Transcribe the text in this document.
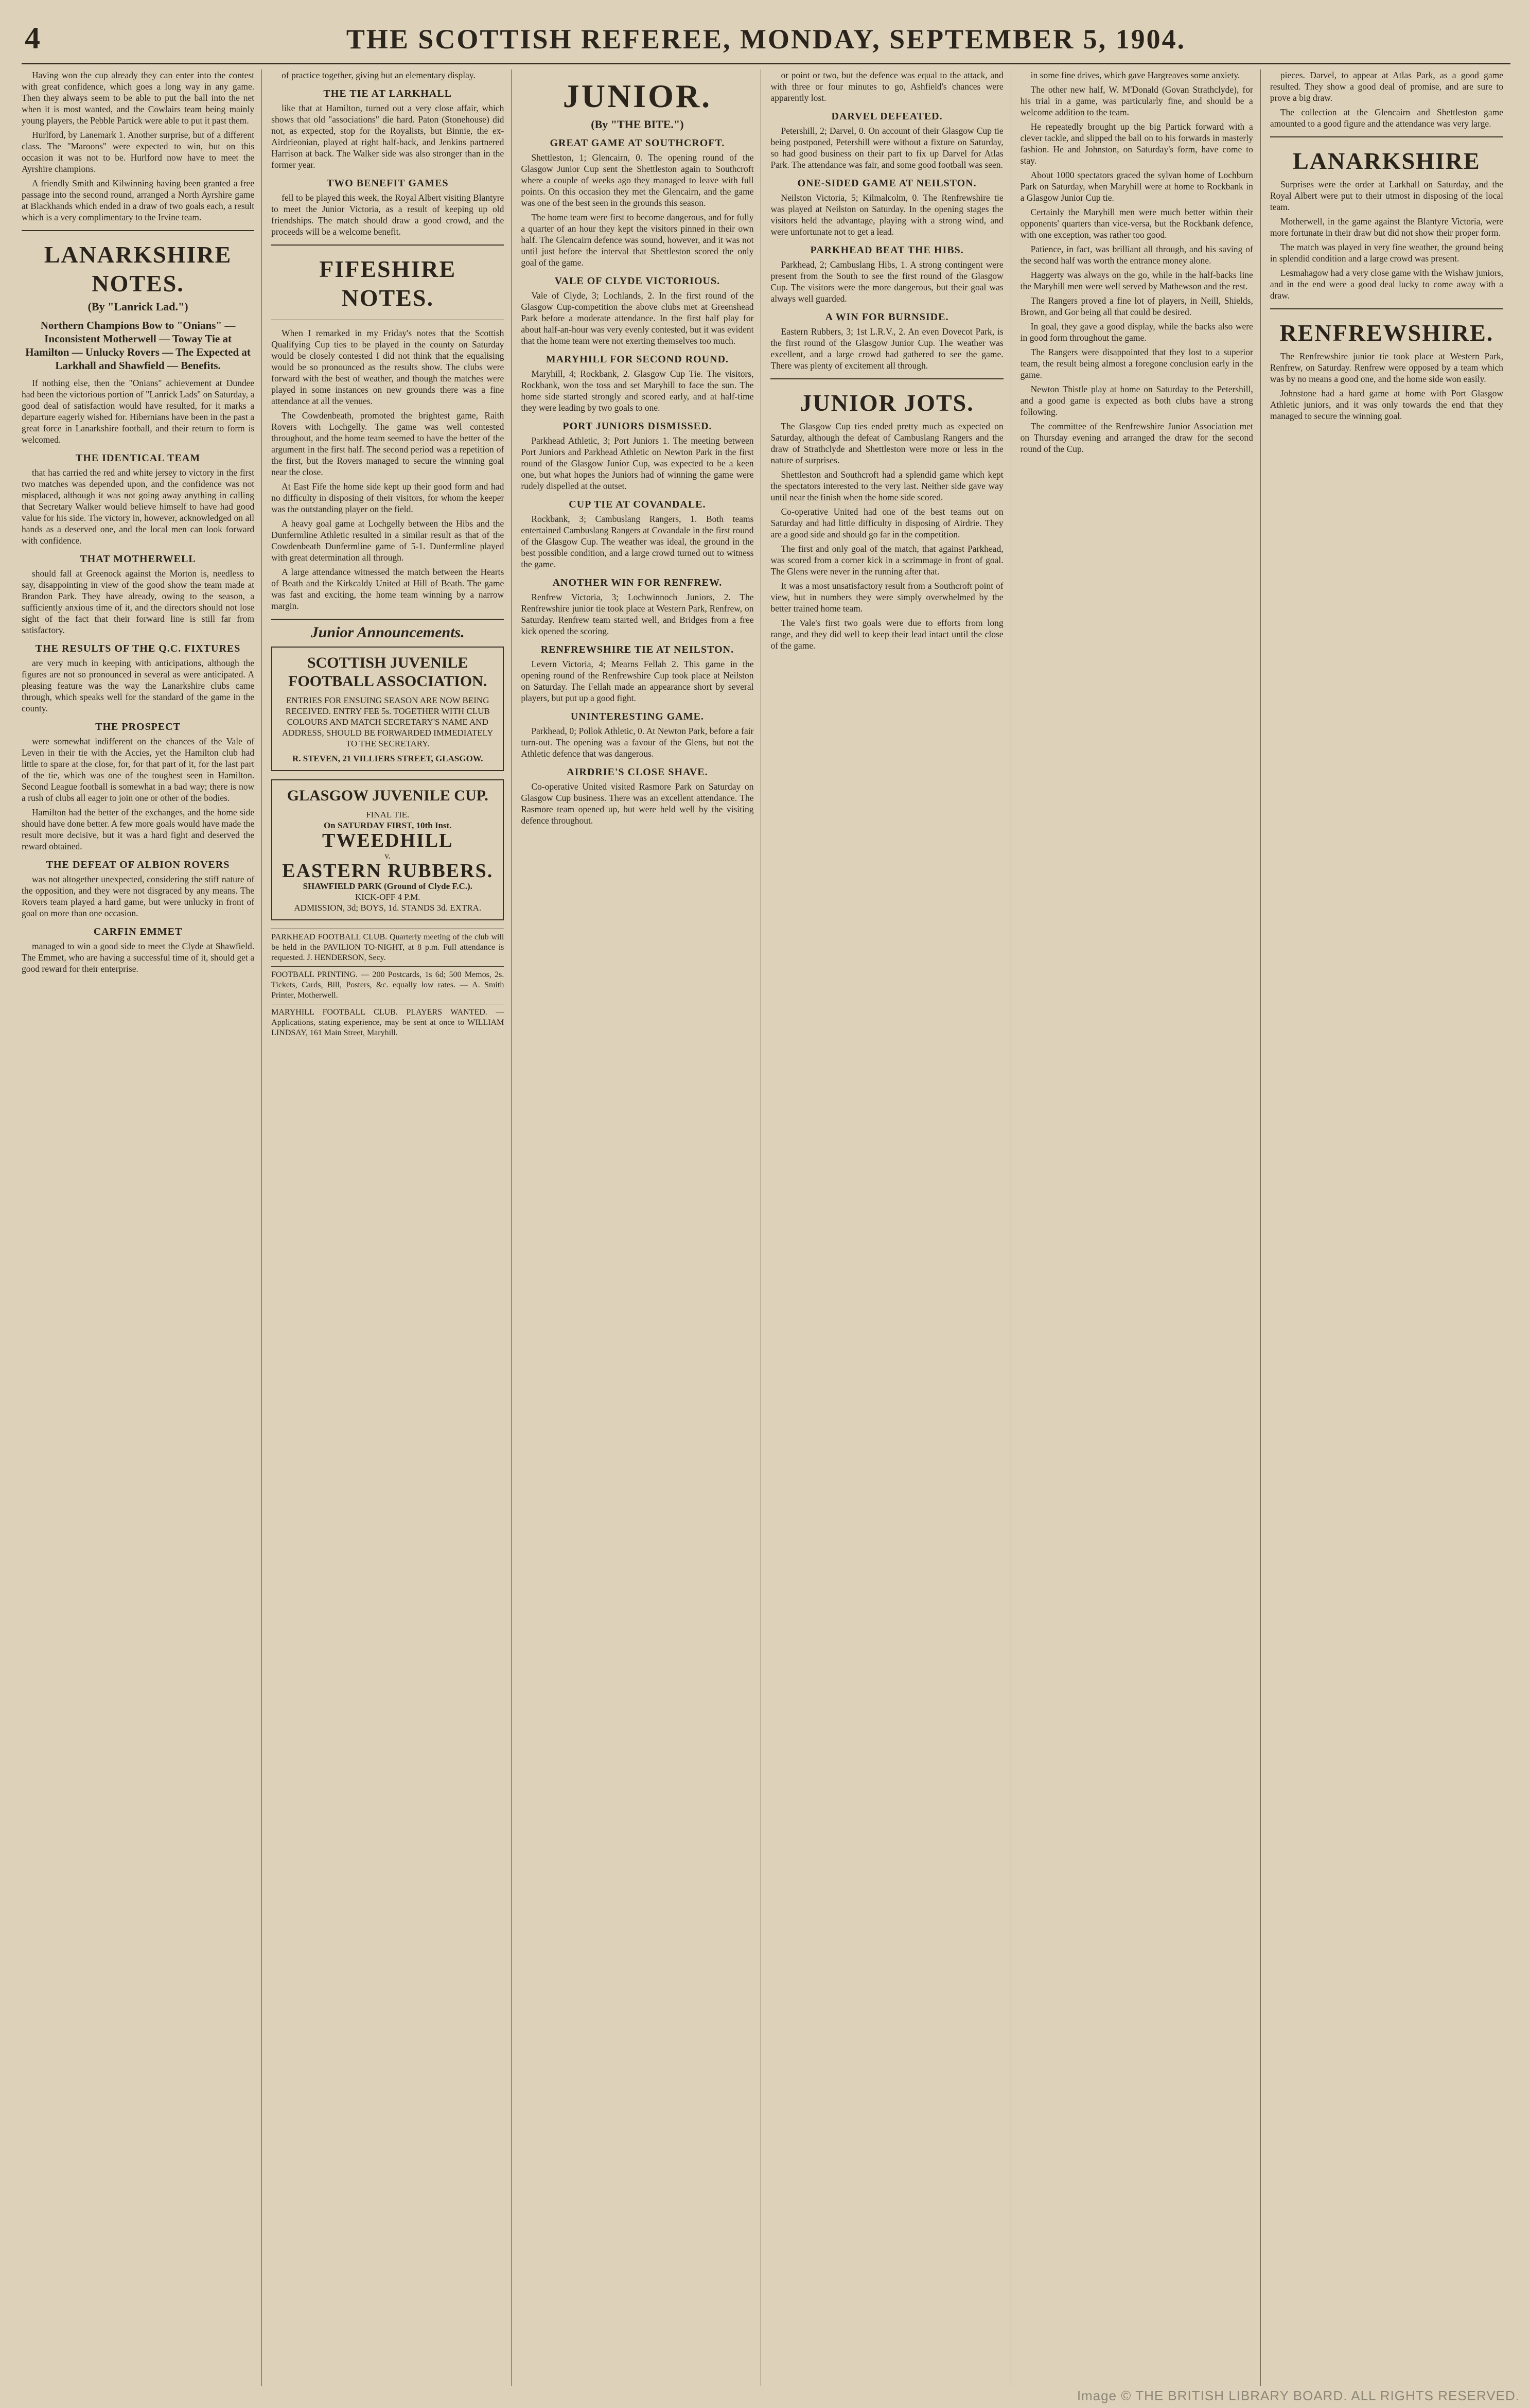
4	THE SCOTTISH REFEREE, MONDAY, SEPTEMBER 5, 1904.

Having won the cup already they can enter into the contest with great confidence, which goes a long way in any game. Then they always seem to be able to put the ball into the net when it is most wanted, and the Cowlairs team being mainly young players, the Pebble Partick were able to put it past them.

Hurlford, by Lanemark 1. Another surprise, but of a different class. The "Maroons" were expected to win, but on this occasion it was not to be. Hurlford now have to meet the Ayrshire champions.

A friendly Smith and Kilwinning having been granted a free passage into the second round, arranged a North Ayrshire game at Blackhands which ended in a draw of two goals each, a result which is a very complimentary to the Irvine team.

LANARKSHIRE NOTES.
(By "Lanrick Lad.")
Northern Champions Bow to "Onians" — Inconsistent Motherwell — Toway Tie at Hamilton — Unlucky Rovers — The Expected at Larkhall and Shawfield — Benefits.

If nothing else, then the "Onians" achievement at Dundee had been the victorious portion of "Lanrick Lads" on Saturday, a good deal of satisfaction would have resulted, for it marks a departure eagerly wished for. Hibernians have been in the past a great force in Lanarkshire football, and their return to form is welcomed.

THE IDENTICAL TEAM

that has carried the red and white jersey to victory in the first two matches was depended upon, and the confidence was not misplaced, although it was not going away anything in calling that Secretary Walker would believe himself to have had good value for his side. The victory in, however, acknowledged on all hands as a deserved one, and the local men can look forward with confidence.

THAT MOTHERWELL

should fall at Greenock against the Morton is, needless to say, disappointing in view of the good show the team made at Brandon Park. They have already, owing to the season, a sufficiently anxious time of it, and the directors should not lose sight of the fact that their forward line is still far from satisfactory.

THE RESULTS OF THE Q.C. FIXTURES

are very much in keeping with anticipations, although the figures are not so pronounced in several as were anticipated. A pleasing feature was the way the Lanarkshire clubs came through, which speaks well for the standard of the game in the county.

THE PROSPECT

were somewhat indifferent on the chances of the Vale of Leven in their tie with the Accies, yet the Hamilton club had little to spare at the close, for, for that part of it, for the last part of the tie, which was one of the toughest seen in Hamilton. Second League football is somewhat in a bad way; there is now a rush of clubs all eager to join one or other of the bodies.

Hamilton had the better of the exchanges, and the home side should have done better. A few more goals would have made the result more decisive, but it was a hard fight and deserved the reward obtained.

THE DEFEAT OF ALBION ROVERS

was not altogether unexpected, considering the stiff nature of the opposition, and they were not disgraced by any means. The Rovers team played a hard game, but were unlucky in front of goal on more than one occasion.

CARFIN EMMET

managed to win a good side to meet the Clyde at Shawfield. The Emmet, who are having a successful time of it, should get a good reward for their enterprise.

of practice together, giving but an elementary display.

THE TIE AT LARKHALL

like that at Hamilton, turned out a very close affair, which shows that old "associations" die hard. Paton (Stonehouse) did not, as expected, stop for the Royalists, but Binnie, the ex-Airdrieonian, played at right half-back, and Jenkins partnered Harrison at back. The Walker side was also stronger than in the former year.

TWO BENEFIT GAMES

fell to be played this week, the Royal Albert visiting Blantyre to meet the Junior Victoria, as a result of keeping up old friendships. The match should draw a good crowd, and the proceeds will be a welcome benefit.

FIFESHIRE NOTES.

When I remarked in my Friday's notes that the Scottish Qualifying Cup ties to be played in the county on Saturday would be closely contested I did not think that the equalising would be so pronounced as the results show. The clubs were forward with the best of weather, and though the matches were played in some instances on new grounds there was a fine attendance at all the venues.

The Cowdenbeath, promoted the brightest game, Raith Rovers with Lochgelly. The game was well contested throughout, and the home team seemed to have the better of the argument in the first half. The second period was a repetition of the first, but the Rovers managed to secure the winning goal near the close.

At East Fife the home side kept up their good form and had no difficulty in disposing of their visitors, for whom the keeper was the outstanding player on the field.

A heavy goal game at Lochgelly between the Hibs and the Dunfermline Athletic resulted in a similar result as that of the Cowdenbeath Dunfermline game of 5-1. Dunfermline played with great determination all through.

A large attendance witnessed the match between the Hearts of Beath and the Kirkcaldy United at Hill of Beath. The game was fast and exciting, the home team winning by a narrow margin.

Junior Announcements.
SCOTTISH JUVENILE FOOTBALL ASSOCIATION.
ENTRIES FOR ENSUING SEASON ARE NOW BEING RECEIVED. ENTRY FEE 5s. TOGETHER WITH CLUB COLOURS AND MATCH SECRETARY'S NAME AND ADDRESS, SHOULD BE FORWARDED IMMEDIATELY TO THE SECRETARY.
R. STEVEN, 21 VILLIERS STREET, GLASGOW.
GLASGOW JUVENILE CUP.
FINAL TIE.
On SATURDAY FIRST, 10th Inst.
TWEEDHILL
v.
EASTERN RUBBERS.
SHAWFIELD PARK (Ground of Clyde F.C.).
KICK-OFF 4 P.M.
ADMISSION, 3d; BOYS, 1d. STANDS 3d. EXTRA.
PARKHEAD FOOTBALL CLUB. Quarterly meeting of the club will be held in the PAVILION TO-NIGHT, at 8 p.m. Full attendance is requested. J. HENDERSON, Secy.
FOOTBALL PRINTING. — 200 Postcards, 1s 6d; 500 Memos, 2s. Tickets, Cards, Bill, Posters, &c. equally low rates. — A. Smith Printer, Motherwell.
MARYHILL FOOTBALL CLUB. PLAYERS WANTED. — Applications, stating experience, may be sent at once to WILLIAM LINDSAY, 161 Main Street, Maryhill.
JUNIOR.
(By "THE BITE.")
GREAT GAME AT SOUTHCROFT.

Shettleston, 1; Glencairn, 0. The opening round of the Glasgow Junior Cup sent the Shettleston again to Southcroft where a couple of weeks ago they managed to leave with full points. On this occasion they met the Glencairn, and the game was one of the best seen in the grounds this season.

The home team were first to become dangerous, and for fully a quarter of an hour they kept the visitors pinned in their own half. The Glencairn defence was sound, however, and it was not until just before the interval that Shettleston scored the only goal of the game.

VALE OF CLYDE VICTORIOUS.

Vale of Clyde, 3; Lochlands, 2. In the first round of the Glasgow Cup-competition the above clubs met at Greenshead Park before a moderate attendance. In the first half play for about half-an-hour was very evenly contested, but it was evident that the home team were not exerting themselves too much.

MARYHILL FOR SECOND ROUND.

Maryhill, 4; Rockbank, 2. Glasgow Cup Tie. The visitors, Rockbank, won the toss and set Maryhill to face the sun. The home side started strongly and scored early, and at half-time they were leading by two goals to one.

PORT JUNIORS DISMISSED.

Parkhead Athletic, 3; Port Juniors 1. The meeting between Port Juniors and Parkhead Athletic on Newton Park in the first round of the Glasgow Junior Cup, was expected to be a keen one, but what hopes the Juniors had of winning the game were rudely dispelled at the outset.

CUP TIE AT COVANDALE.

Rockbank, 3; Cambuslang Rangers, 1. Both teams entertained Cambuslang Rangers at Covandale in the first round of the Glasgow Cup. The weather was ideal, the ground in the best possible condition, and a large crowd turned out to witness the game.

ANOTHER WIN FOR RENFREW.

Renfrew Victoria, 3; Lochwinnoch Juniors, 2. The Renfrewshire junior tie took place at Western Park, Renfrew, on Saturday. Renfrew team started well, and Bridges from a free kick opened the scoring.

RENFREWSHIRE TIE AT NEILSTON.

Levern Victoria, 4; Mearns Fellah 2. This game in the opening round of the Renfrewshire Cup took place at Neilston on Saturday. The Fellah made an appearance short by several players, but put up a good fight.

UNINTERESTING GAME.

Parkhead, 0; Pollok Athletic, 0. At Newton Park, before a fair turn-out. The opening was a favour of the Glens, but not the Athletic defence that was dangerous.

AIRDRIE'S CLOSE SHAVE.

Co-operative United visited Rasmore Park on Saturday on Glasgow Cup business. There was an excellent attendance. The Rasmore team opened up, but were held well by the visiting defence throughout.

or point or two, but the defence was equal to the attack, and with three or four minutes to go, Ashfield's chances were apparently lost.

DARVEL DEFEATED.

Petershill, 2; Darvel, 0. On account of their Glasgow Cup tie being postponed, Petershill were without a fixture on Saturday, so had good business on their part to fix up Darvel for Atlas Park. The attendance was fair, and some good football was seen.

ONE-SIDED GAME AT NEILSTON.

Neilston Victoria, 5; Kilmalcolm, 0. The Renfrewshire tie was played at Neilston on Saturday. In the opening stages the visitors held the advantage, playing with a strong wind, and were unfortunate not to get a lead.

PARKHEAD BEAT THE HIBS.

Parkhead, 2; Cambuslang Hibs, 1. A strong contingent were present from the South to see the first round of the Glasgow Cup. The visitors were the more dangerous, but their goal was always well guarded.

A WIN FOR BURNSIDE.

Eastern Rubbers, 3; 1st L.R.V., 2. An even Dovecot Park, is the first round of the Glasgow Junior Cup. The weather was excellent, and a large crowd had gathered to see the game. There was plenty of excitement all through.

JUNIOR JOTS.

The Glasgow Cup ties ended pretty much as expected on Saturday, although the defeat of Cambuslang Rangers and the draw of Strathclyde and Shettleston were more or less in the nature of surprises.

Shettleston and Southcroft had a splendid game which kept the spectators interested to the very last. Neither side gave way until near the finish when the home side scored.

Co-operative United had one of the best teams out on Saturday and had little difficulty in disposing of Airdrie. They are a good side and should go far in the competition.

The first and only goal of the match, that against Parkhead, was scored from a corner kick in a scrimmage in front of goal. The Glens were never in the running after that.

It was a most unsatisfactory result from a Southcroft point of view, but in numbers they were simply overwhelmed by the better trained home team.

The Vale's first two goals were due to efforts from long range, and they did well to keep their lead intact until the close of the game.

in some fine drives, which gave Hargreaves some anxiety.

The other new half, W. M'Donald (Govan Strathclyde), for his trial in a game, was particularly fine, and should be a welcome addition to the team.

He repeatedly brought up the big Partick forward with a clever tackle, and slipped the ball on to his forwards in masterly fashion. He and Johnston, on Saturday's form, have come to stay.

About 1000 spectators graced the sylvan home of Lochburn Park on Saturday, when Maryhill were at home to Rockbank in a Glasgow Junior Cup tie.

Certainly the Maryhill men were much better within their opponents' quarters than vice-versa, but the Rockbank defence, with one exception, was rather too good.

Patience, in fact, was brilliant all through, and his saving of the second half was worth the entrance money alone.

Haggerty was always on the go, while in the half-backs line the Maryhill men were well served by Mathewson and the rest.

The Rangers proved a fine lot of players, in Neill, Shields, Brown, and Gor being all that could be desired.

In goal, they gave a good display, while the backs also were in good form throughout the game.

The Rangers were disappointed that they lost to a superior team, the result being almost a foregone conclusion early in the game.

Newton Thistle play at home on Saturday to the Petershill, and a good game is expected as both clubs have a strong following.

The committee of the Renfrewshire Junior Association met on Thursday evening and arranged the draw for the second round of the Cup.

pieces. Darvel, to appear at Atlas Park, as a good game resulted. They show a good deal of promise, and are sure to prove a big draw.

The collection at the Glencairn and Shettleston game amounted to a good figure and the attendance was very large.

LANARKSHIRE

Surprises were the order at Larkhall on Saturday, and the Royal Albert were put to their utmost in disposing of the local team.

Motherwell, in the game against the Blantyre Victoria, were more fortunate in their draw but did not show their proper form.

The match was played in very fine weather, the ground being in splendid condition and a large crowd was present.

Lesmahagow had a very close game with the Wishaw juniors, and in the end were a good deal lucky to come away with a draw.

RENFREWSHIRE.

The Renfrewshire junior tie took place at Western Park, Renfrew, on Saturday. Renfrew were opposed by a team which was by no means a good one, and the home side won easily.

Johnstone had a hard game at home with Port Glasgow Athletic juniors, and it was only towards the end that they managed to secure the winning goal.

Image © THE BRITISH LIBRARY BOARD. ALL RIGHTS RESERVED.
